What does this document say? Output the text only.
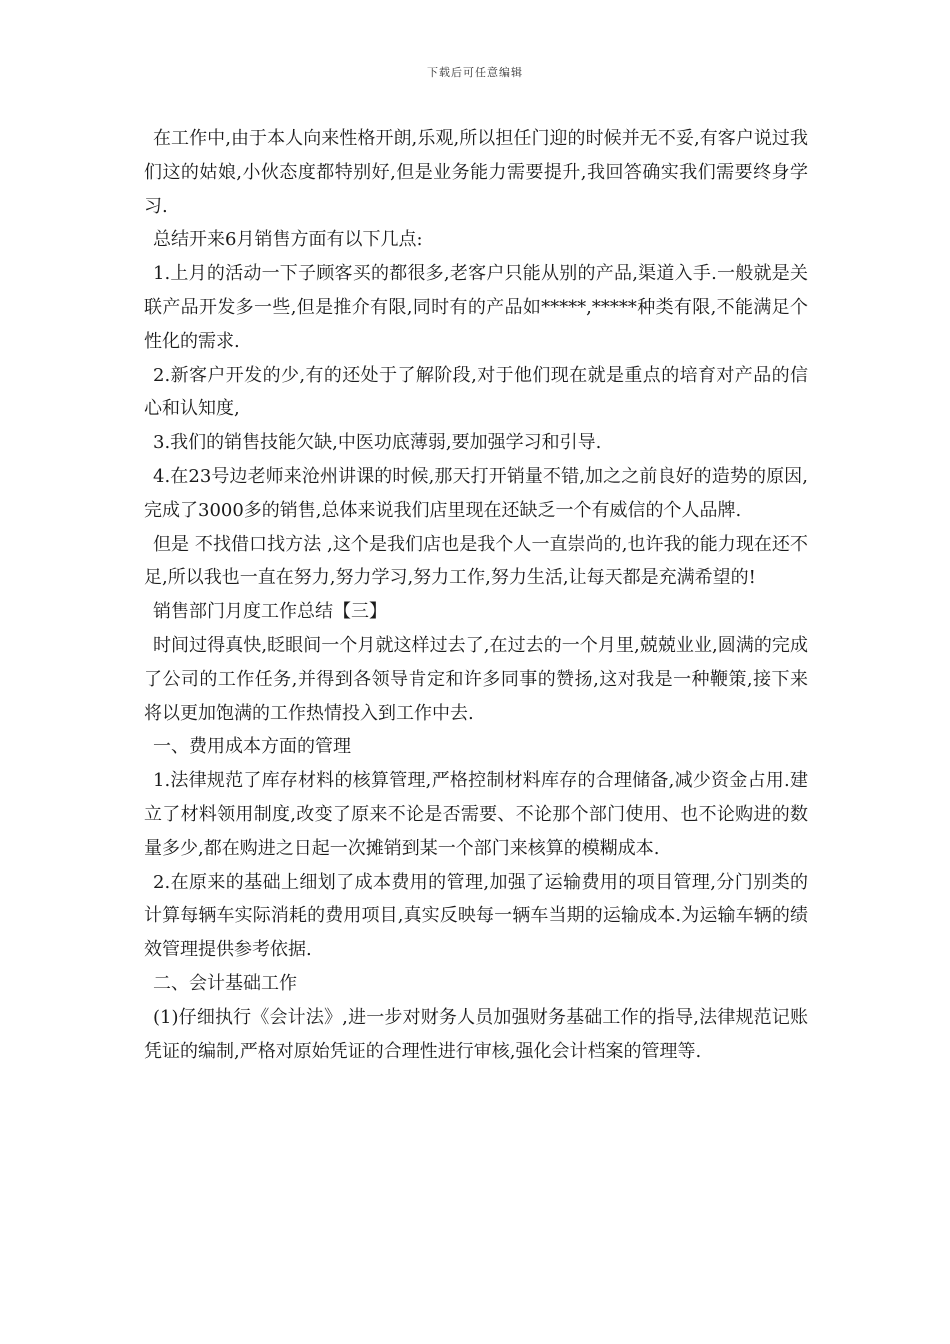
下载后可任意编辑

在工作中,由于本人向来性格开朗,乐观,所以担任门迎的时候并无不妥,有客户说过我们这的姑娘,小伙态度都特别好,但是业务能力需要提升,我回答确实我们需要终身学习.

总结开来6月销售方面有以下几点:

1.上月的活动一下子顾客买的都很多,老客户只能从别的产品,渠道入手.一般就是关联产品开发多一些,但是推介有限,同时有的产品如*****,*****种类有限,不能满足个性化的需求.

2.新客户开发的少,有的还处于了解阶段,对于他们现在就是重点的培育对产品的信心和认知度,

3.我们的销售技能欠缺,中医功底薄弱,要加强学习和引导.

4.在23号边老师来沧州讲课的时候,那天打开销量不错,加之之前良好的造势的原因,完成了3000多的销售,总体来说我们店里现在还缺乏一个有威信的个人品牌.

但是 不找借口找方法 ,这个是我们店也是我个人一直崇尚的,也许我的能力现在还不足,所以我也一直在努力,努力学习,努力工作,努力生活,让每天都是充满希望的!

销售部门月度工作总结【三】

时间过得真快,眨眼间一个月就这样过去了,在过去的一个月里,兢兢业业,圆满的完成了公司的工作任务,并得到各领导肯定和许多同事的赞扬,这对我是一种鞭策,接下来将以更加饱满的工作热情投入到工作中去.

一、费用成本方面的管理

1.法律规范了库存材料的核算管理,严格控制材料库存的合理储备,减少资金占用.建立了材料领用制度,改变了原来不论是否需要、不论那个部门使用、也不论购进的数量多少,都在购进之日起一次摊销到某一个部门来核算的模糊成本.

2.在原来的基础上细划了成本费用的管理,加强了运输费用的项目管理,分门别类的计算每辆车实际消耗的费用项目,真实反映每一辆车当期的运输成本.为运输车辆的绩效管理提供参考依据.

二、会计基础工作

(1)仔细执行《会计法》,进一步对财务人员加强财务基础工作的指导,法律规范记账凭证的编制,严格对原始凭证的合理性进行审核,强化会计档案的管理等.
